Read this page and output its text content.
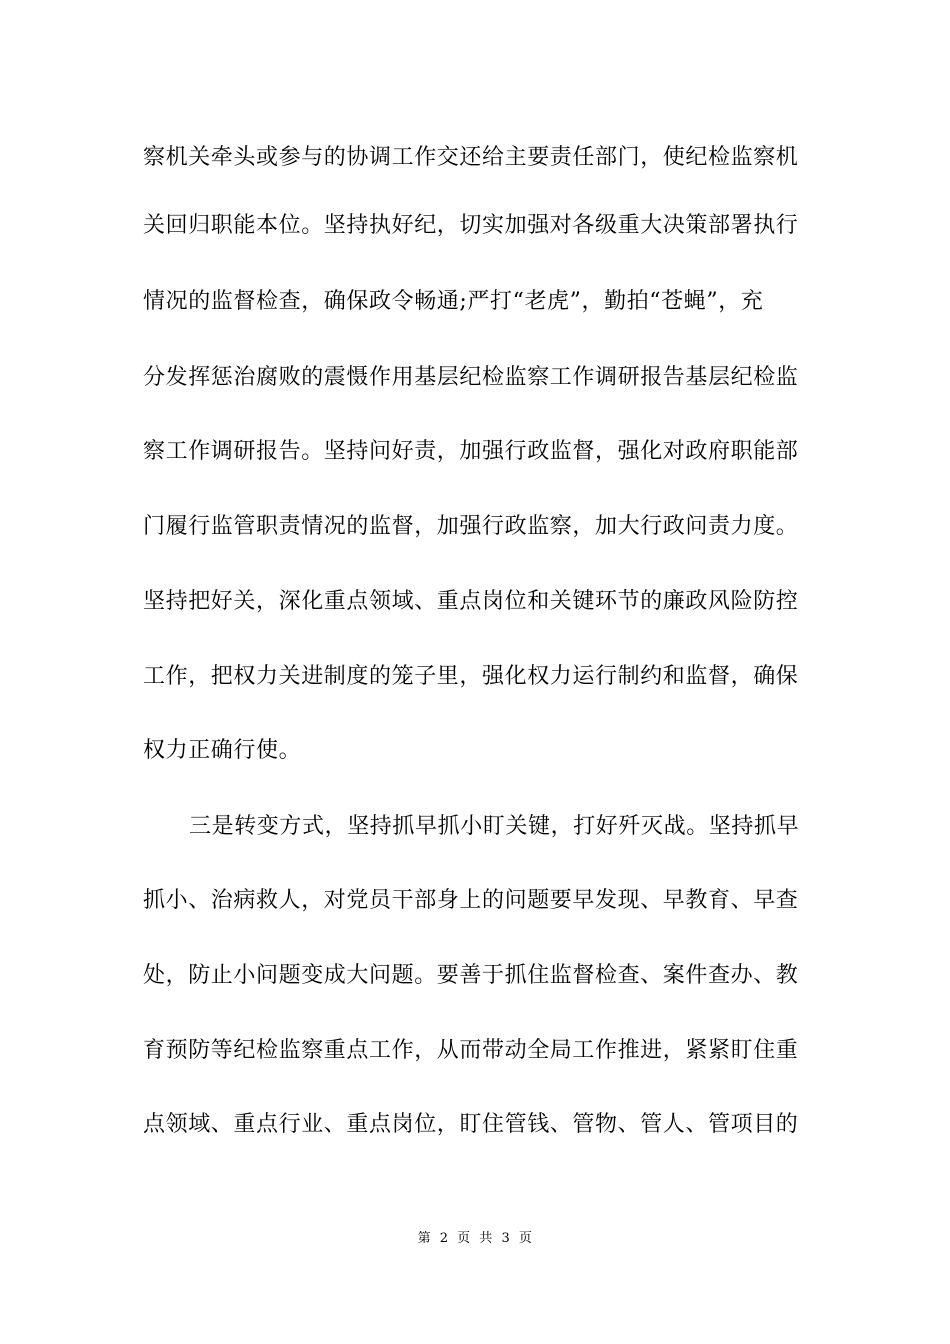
察机关牵头或参与的协调工作交还给主要责任部门，使纪检监察机
关回归职能本位。坚持执好纪，切实加强对各级重大决策部署执行
情况的监督检查，确保政令畅通;严打“老虎”，勤拍“苍蝇”，充
分发挥惩治腐败的震慑作用基层纪检监察工作调研报告基层纪检监
察工作调研报告。坚持问好责，加强行政监督，强化对政府职能部
门履行监管职责情况的监督，加强行政监察，加大行政问责力度。
坚持把好关，深化重点领域、重点岗位和关键环节的廉政风险防控
工作，把权力关进制度的笼子里，强化权力运行制约和监督，确保
权力正确行使。
三是转变方式，坚持抓早抓小盯关键，打好歼灭战。坚持抓早
抓小、治病救人，对党员干部身上的问题要早发现、早教育、早查
处，防止小问题变成大问题。要善于抓住监督检查、案件查办、教
育预防等纪检监察重点工作，从而带动全局工作推进，紧紧盯住重
点领域、重点行业、重点岗位，盯住管钱、管物、管人、管项目的
第 2 页 共 3 页
